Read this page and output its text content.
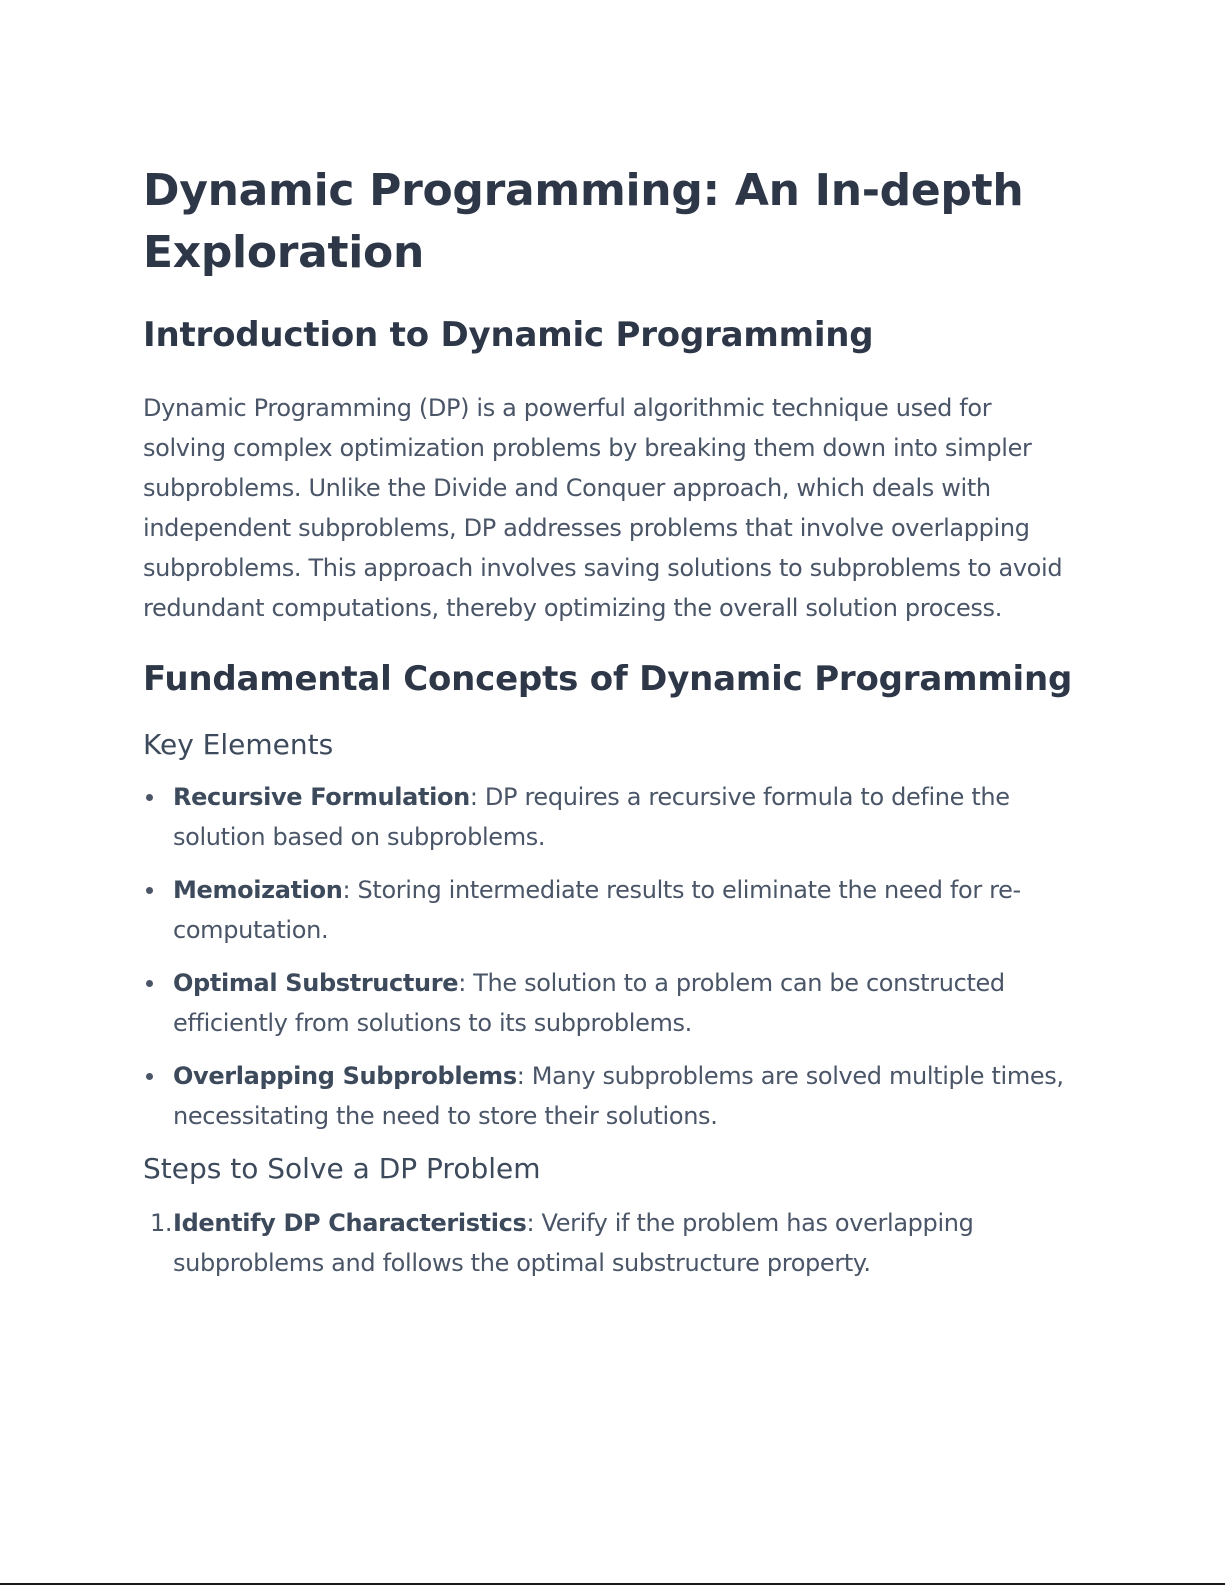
Dynamic Programming: An In-depth Exploration
Introduction to Dynamic Programming

Dynamic Programming (DP) is a powerful algorithmic technique used for solving complex optimization problems by breaking them down into simpler subproblems. Unlike the Divide and Conquer approach, which deals with independent subproblems, DP addresses problems that involve overlapping subproblems. This approach involves saving solutions to subproblems to avoid redundant computations, thereby optimizing the overall solution process.

Fundamental Concepts of Dynamic Programming
Key Elements
Recursive Formulation: DP requires a recursive formula to define the solution based on subproblems.
Memoization: Storing intermediate results to eliminate the need for re-computation.
Optimal Substructure: The solution to a problem can be constructed efficiently from solutions to its subproblems.
Overlapping Subproblems: Many subproblems are solved multiple times, necessitating the need to store their solutions.
Steps to Solve a DP Problem
1. Identify DP Characteristics: Verify if the problem has overlapping subproblems and follows the optimal substructure property.
